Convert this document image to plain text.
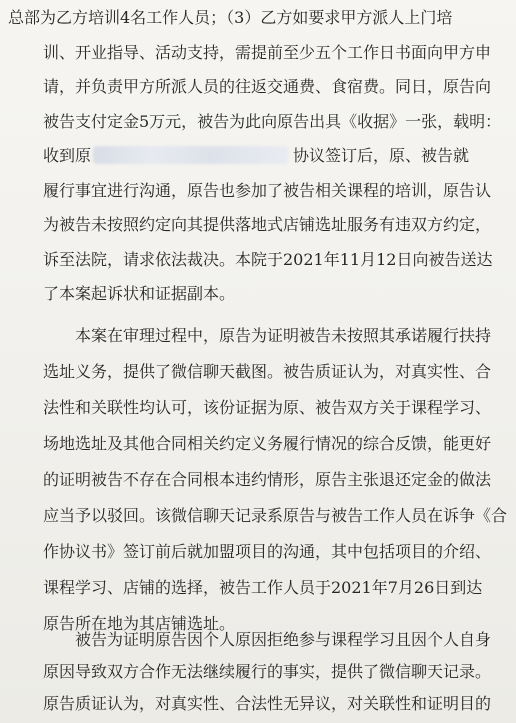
总部为乙方培训4名工作人员；（3）乙方如要求甲方派人上门培
训、开业指导、活动支持，需提前至少五个工作日书面向甲方申
请，并负责甲方所派人员的往返交通费、食宿费。同日，原告向
被告支付定金5万元，被告为此向原告出具《收据》一张，载明：
收到原	协议签订后，原、被告就
履行事宜进行沟通，原告也参加了被告相关课程的培训，原告认
为被告未按照约定向其提供落地式店铺选址服务有违双方约定，
诉至法院，请求依法裁决。本院于2021年11月12日向被告送达
了本案起诉状和证据副本。
本案在审理过程中，原告为证明被告未按照其承诺履行扶持
选址义务，提供了微信聊天截图。被告质证认为，对真实性、合
法性和关联性均认可，该份证据为原、被告双方关于课程学习、
场地选址及其他合同相关约定义务履行情况的综合反馈，能更好
的证明被告不存在合同根本违约情形，原告主张退还定金的做法
应当予以驳回。该微信聊天记录系原告与被告工作人员在诉争《合
作协议书》签订前后就加盟项目的沟通，其中包括项目的介绍、
课程学习、店铺的选择，被告工作人员于2021年7月26日到达
原告所在地为其店铺选址。
被告为证明原告因个人原因拒绝参与课程学习且因个人自身
原因导致双方合作无法继续履行的事实，提供了微信聊天记录。
原告质证认为，对真实性、合法性无异议，对关联性和证明目的
